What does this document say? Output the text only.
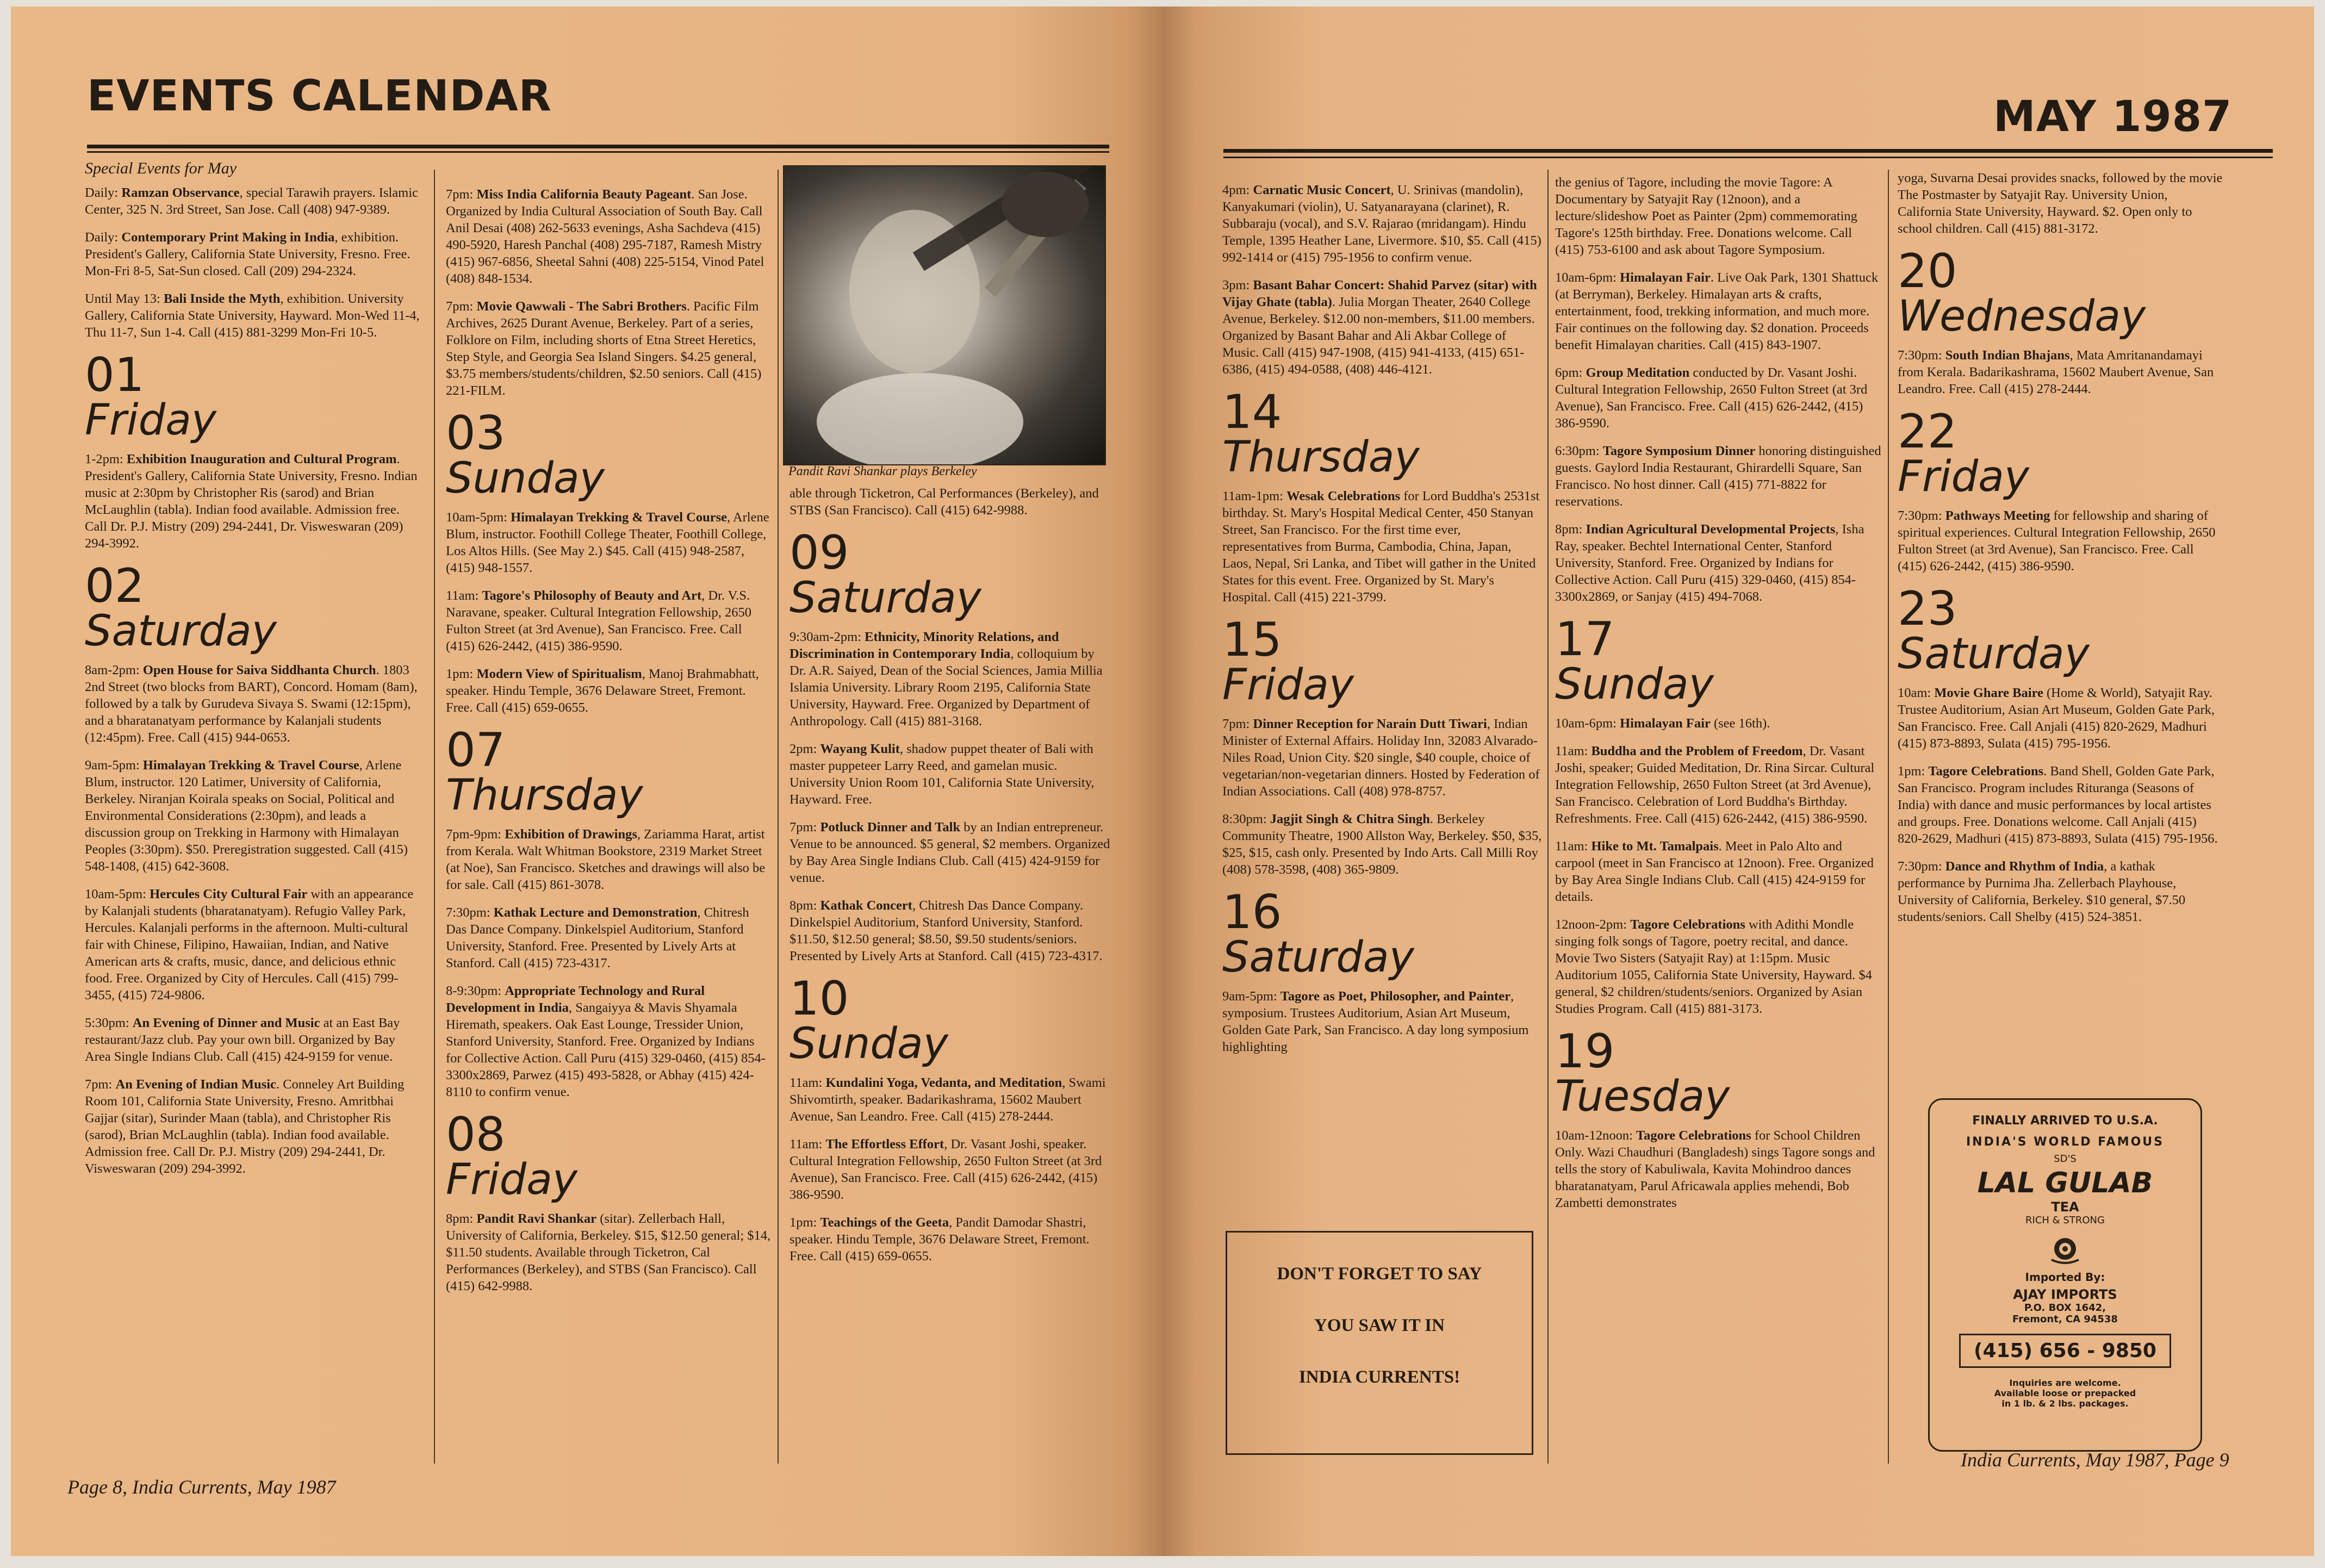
EVENTS CALENDAR
Special Events for May

Daily: Ramzan Observance, special Tarawih prayers. Islamic Center, 325 N. 3rd Street, San Jose. Call (408) 947-9389.

Daily: Contemporary Print Making in India, exhibition. President's Gallery, California State University, Fresno. Free. Mon-Fri 8-5, Sat-Sun closed. Call (209) 294-2324.

Until May 13: Bali Inside the Myth, exhibition. University Gallery, California State University, Hayward. Mon-Wed 11-4, Thu 11-7, Sun 1-4. Call (415) 881-3299 Mon-Fri 10-5.

01
Friday

1-2pm: Exhibition Inauguration and Cultural Program. President's Gallery, California State University, Fresno. Indian music at 2:30pm by Christopher Ris (sarod) and Brian McLaughlin (tabla). Indian food available. Admission free. Call Dr. P.J. Mistry (209) 294-2441, Dr. Visweswaran (209) 294-3992.

02
Saturday

8am-2pm: Open House for Saiva Siddhanta Church. 1803 2nd Street (two blocks from BART), Concord. Homam (8am), followed by a talk by Gurudeva Sivaya S. Swami (12:15pm), and a bharatanatyam performance by Kalanjali students (12:45pm). Free. Call (415) 944-0653.

9am-5pm: Himalayan Trekking & Travel Course, Arlene Blum, instructor. 120 Latimer, University of California, Berkeley. Niranjan Koirala speaks on Social, Political and Environmental Considerations (2:30pm), and leads a discussion group on Trekking in Harmony with Himalayan Peoples (3:30pm). $50. Preregistration suggested. Call (415) 548-1408, (415) 642-3608.

10am-5pm: Hercules City Cultural Fair with an appearance by Kalanjali students (bharatanatyam). Refugio Valley Park, Hercules. Kalanjali performs in the afternoon. Multi-cultural fair with Chinese, Filipino, Hawaiian, Indian, and Native American arts & crafts, music, dance, and delicious ethnic food. Free. Organized by City of Hercules. Call (415) 799-3455, (415) 724-9806.

5:30pm: An Evening of Dinner and Music at an East Bay restaurant/Jazz club. Pay your own bill. Organized by Bay Area Single Indians Club. Call (415) 424-9159 for venue.

7pm: An Evening of Indian Music. Conneley Art Building Room 101, California State University, Fresno. Amritbhai Gajjar (sitar), Surinder Maan (tabla), and Christopher Ris (sarod), Brian McLaughlin (tabla). Indian food available. Admission free. Call Dr. P.J. Mistry (209) 294-2441, Dr. Visweswaran (209) 294-3992.

7pm: Miss India California Beauty Pageant. San Jose. Organized by India Cultural Association of South Bay. Call Anil Desai (408) 262-5633 evenings, Asha Sachdeva (415) 490-5920, Haresh Panchal (408) 295-7187, Ramesh Mistry (415) 967-6856, Sheetal Sahni (408) 225-5154, Vinod Patel (408) 848-1534.

7pm: Movie Qawwali - The Sabri Brothers. Pacific Film Archives, 2625 Durant Avenue, Berkeley. Part of a series, Folklore on Film, including shorts of Etna Street Heretics, Step Style, and Georgia Sea Island Singers. $4.25 general, $3.75 members/students/children, $2.50 seniors. Call (415) 221-FILM.

03
Sunday

10am-5pm: Himalayan Trekking & Travel Course, Arlene Blum, instructor. Foothill College Theater, Foothill College, Los Altos Hills. (See May 2.) $45. Call (415) 948-2587, (415) 948-1557.

11am: Tagore's Philosophy of Beauty and Art, Dr. V.S. Naravane, speaker. Cultural Integration Fellowship, 2650 Fulton Street (at 3rd Avenue), San Francisco. Free. Call (415) 626-2442, (415) 386-9590.

1pm: Modern View of Spiritualism, Manoj Brahmabhatt, speaker. Hindu Temple, 3676 Delaware Street, Fremont. Free. Call (415) 659-0655.

07
Thursday

7pm-9pm: Exhibition of Drawings, Zariamma Harat, artist from Kerala. Walt Whitman Bookstore, 2319 Market Street (at Noe), San Francisco. Sketches and drawings will also be for sale. Call (415) 861-3078.

7:30pm: Kathak Lecture and Demonstration, Chitresh Das Dance Company. Dinkelspiel Auditorium, Stanford University, Stanford. Free. Presented by Lively Arts at Stanford. Call (415) 723-4317.

8-9:30pm: Appropriate Technology and Rural Development in India, Sangaiyya & Mavis Shyamala Hiremath, speakers. Oak East Lounge, Tressider Union, Stanford University, Stanford. Free. Organized by Indians for Collective Action. Call Puru (415) 329-0460, (415) 854-3300x2869, Parwez (415) 493-5828, or Abhay (415) 424-8110 to confirm venue.

08
Friday

8pm: Pandit Ravi Shankar (sitar). Zellerbach Hall, University of California, Berkeley. $15, $12.50 general; $14, $11.50 students. Available through Ticketron, Cal Performances (Berkeley), and STBS (San Francisco). Call (415) 642-9988.

Pandit Ravi Shankar plays Berkeley

able through Ticketron, Cal Performances (Berkeley), and STBS (San Francisco). Call (415) 642-9988.

09
Saturday

9:30am-2pm: Ethnicity, Minority Relations, and Discrimination in Contemporary India, colloquium by Dr. A.R. Saiyed, Dean of the Social Sciences, Jamia Millia Islamia University. Library Room 2195, California State University, Hayward. Free. Organized by Department of Anthropology. Call (415) 881-3168.

2pm: Wayang Kulit, shadow puppet theater of Bali with master puppeteer Larry Reed, and gamelan music. University Union Room 101, California State University, Hayward. Free.

7pm: Potluck Dinner and Talk by an Indian entrepreneur. Venue to be announced. $5 general, $2 members. Organized by Bay Area Single Indians Club. Call (415) 424-9159 for venue.

8pm: Kathak Concert, Chitresh Das Dance Company. Dinkelspiel Auditorium, Stanford University, Stanford. $11.50, $12.50 general; $8.50, $9.50 students/seniors. Presented by Lively Arts at Stanford. Call (415) 723-4317.

10
Sunday

11am: Kundalini Yoga, Vedanta, and Meditation, Swami Shivomtirth, speaker. Badarikashrama, 15602 Maubert Avenue, San Leandro. Free. Call (415) 278-2444.

11am: The Effortless Effort, Dr. Vasant Joshi, speaker. Cultural Integration Fellowship, 2650 Fulton Street (at 3rd Avenue), San Francisco. Free. Call (415) 626-2442, (415) 386-9590.

1pm: Teachings of the Geeta, Pandit Damodar Shastri, speaker. Hindu Temple, 3676 Delaware Street, Fremont. Free. Call (415) 659-0655.

Page 8, India Currents, May 1987
MAY 1987

4pm: Carnatic Music Concert, U. Srinivas (mandolin), Kanyakumari (violin), U. Satyanarayana (clarinet), R. Subbaraju (vocal), and S.V. Rajarao (mridangam). Hindu Temple, 1395 Heather Lane, Livermore. $10, $5. Call (415) 992-1414 or (415) 795-1956 to confirm venue.

3pm: Basant Bahar Concert: Shahid Parvez (sitar) with Vijay Ghate (tabla). Julia Morgan Theater, 2640 College Avenue, Berkeley. $12.00 non-members, $11.00 members. Organized by Basant Bahar and Ali Akbar College of Music. Call (415) 947-1908, (415) 941-4133, (415) 651-6386, (415) 494-0588, (408) 446-4121.

14
Thursday

11am-1pm: Wesak Celebrations for Lord Buddha's 2531st birthday. St. Mary's Hospital Medical Center, 450 Stanyan Street, San Francisco. For the first time ever, representatives from Burma, Cambodia, China, Japan, Laos, Nepal, Sri Lanka, and Tibet will gather in the United States for this event. Free. Organized by St. Mary's Hospital. Call (415) 221-3799.

15
Friday

7pm: Dinner Reception for Narain Dutt Tiwari, Indian Minister of External Affairs. Holiday Inn, 32083 Alvarado-Niles Road, Union City. $20 single, $40 couple, choice of vegetarian/non-vegetarian dinners. Hosted by Federation of Indian Associations. Call (408) 978-8757.

8:30pm: Jagjit Singh & Chitra Singh. Berkeley Community Theatre, 1900 Allston Way, Berkeley. $50, $35, $25, $15, cash only. Presented by Indo Arts. Call Milli Roy (408) 578-3598, (408) 365-9809.

16
Saturday

9am-5pm: Tagore as Poet, Philosopher, and Painter, symposium. Trustees Auditorium, Asian Art Museum, Golden Gate Park, San Francisco. A day long symposium highlighting

DON'T FORGET TO SAY
YOU SAW IT IN
INDIA CURRENTS!

the genius of Tagore, including the movie Tagore: A Documentary by Satyajit Ray (12noon), and a lecture/slideshow Poet as Painter (2pm) commemorating Tagore's 125th birthday. Free. Donations welcome. Call (415) 753-6100 and ask about Tagore Symposium.

10am-6pm: Himalayan Fair. Live Oak Park, 1301 Shattuck (at Berryman), Berkeley. Himalayan arts & crafts, entertainment, food, trekking information, and much more. Fair continues on the following day. $2 donation. Proceeds benefit Himalayan charities. Call (415) 843-1907.

6pm: Group Meditation conducted by Dr. Vasant Joshi. Cultural Integration Fellowship, 2650 Fulton Street (at 3rd Avenue), San Francisco. Free. Call (415) 626-2442, (415) 386-9590.

6:30pm: Tagore Symposium Dinner honoring distinguished guests. Gaylord India Restaurant, Ghirardelli Square, San Francisco. No host dinner. Call (415) 771-8822 for reservations.

8pm: Indian Agricultural Developmental Projects, Isha Ray, speaker. Bechtel International Center, Stanford University, Stanford. Free. Organized by Indians for Collective Action. Call Puru (415) 329-0460, (415) 854-3300x2869, or Sanjay (415) 494-7068.

17
Sunday

10am-6pm: Himalayan Fair (see 16th).

11am: Buddha and the Problem of Freedom, Dr. Vasant Joshi, speaker; Guided Meditation, Dr. Rina Sircar. Cultural Integration Fellowship, 2650 Fulton Street (at 3rd Avenue), San Francisco. Celebration of Lord Buddha's Birthday. Refreshments. Free. Call (415) 626-2442, (415) 386-9590.

11am: Hike to Mt. Tamalpais. Meet in Palo Alto and carpool (meet in San Francisco at 12noon). Free. Organized by Bay Area Single Indians Club. Call (415) 424-9159 for details.

12noon-2pm: Tagore Celebrations with Adithi Mondle singing folk songs of Tagore, poetry recital, and dance. Movie Two Sisters (Satyajit Ray) at 1:15pm. Music Auditorium 1055, California State University, Hayward. $4 general, $2 children/students/seniors. Organized by Asian Studies Program. Call (415) 881-3173.

19
Tuesday

10am-12noon: Tagore Celebrations for School Children Only. Wazi Chaudhuri (Bangladesh) sings Tagore songs and tells the story of Kabuliwala, Kavita Mohindroo dances bharatanatyam, Parul Africawala applies mehendi, Bob Zambetti demonstrates

yoga, Suvarna Desai provides snacks, followed by the movie The Postmaster by Satyajit Ray. University Union, California State University, Hayward. $2. Open only to school children. Call (415) 881-3172.

20
Wednesday

7:30pm: South Indian Bhajans, Mata Amritanandamayi from Kerala. Badarikashrama, 15602 Maubert Avenue, San Leandro. Free. Call (415) 278-2444.

22
Friday

7:30pm: Pathways Meeting for fellowship and sharing of spiritual experiences. Cultural Integration Fellowship, 2650 Fulton Street (at 3rd Avenue), San Francisco. Free. Call (415) 626-2442, (415) 386-9590.

23
Saturday

10am: Movie Ghare Baire (Home & World), Satyajit Ray. Trustee Auditorium, Asian Art Museum, Golden Gate Park, San Francisco. Free. Call Anjali (415) 820-2629, Madhuri (415) 873-8893, Sulata (415) 795-1956.

1pm: Tagore Celebrations. Band Shell, Golden Gate Park, San Francisco. Program includes Rituranga (Seasons of India) with dance and music performances by local artistes and groups. Free. Donations welcome. Call Anjali (415) 820-2629, Madhuri (415) 873-8893, Sulata (415) 795-1956.

7:30pm: Dance and Rhythm of India, a kathak performance by Purnima Jha. Zellerbach Playhouse, University of California, Berkeley. $10 general, $7.50 students/seniors. Call Shelby (415) 524-3851.

FINALLY ARRIVED TO U.S.A.
INDIA'S WORLD FAMOUS
SD'S
LAL GULAB
TEA
RICH & STRONG
Imported By:
AJAY IMPORTS
P.O. BOX 1642,
Fremont, CA 94538
(415) 656 - 9850
Inquiries are welcome.
Available loose or prepacked
in 1 lb. & 2 lbs. packages.
India Currents, May 1987, Page 9
